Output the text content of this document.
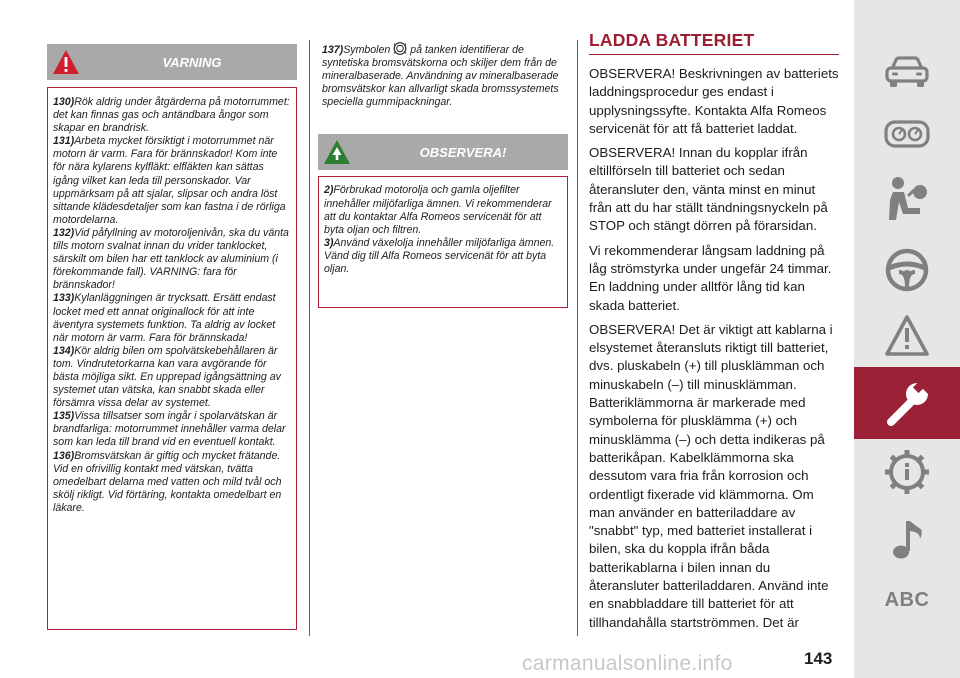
VARNING
130)Rök aldrig under åtgärderna på motorrummet: det kan finnas gas och antändbara ångor som skapar en brandrisk.
131)Arbeta mycket försiktigt i motorrummet när motorn är varm. Fara för brännskador! Kom inte för nära kylarens kylfläkt: elfläkten kan sättas igång vilket kan leda till personskador. Var uppmärksam på att sjalar, slipsar och andra löst sittande klädesdetaljer som kan fastna i de rörliga motordelarna.
132)Vid påfyllning av motoroljenivån, ska du vänta tills motorn svalnat innan du vrider tanklocket, särskilt om bilen har ett tanklock av aluminium (i förekommande fall). VARNING: fara för brännskador!
133)Kylanläggningen är trycksatt. Ersätt endast locket med ett annat originallock för att inte äventyra systemets funktion. Ta aldrig av locket när motorn är varm. Fara för brännskada!
134)Kör aldrig bilen om spolvätskebehållaren är tom. Vindrutetorkarna kan vara avgörande för bästa möjliga sikt. En upprepad igångsättning av systemet utan vätska, kan snabbt skada eller försämra vissa delar av systemet.
135)Vissa tillsatser som ingår i spolarvätskan är brandfarliga: motorrummet innehåller varma delar som kan leda till brand vid en eventuell kontakt.
136)Bromsvätskan är giftig och mycket frätande. Vid en ofrivillig kontakt med vätskan, tvätta omedelbart delarna med vatten och mild tvål och skölj rikligt. Vid förtäring, kontakta omedelbart en läkare.
137)Symbolen på tanken identifierar de syntetiska bromsvätskorna och skiljer dem från de mineralbaserade. Användning av mineralbaserade bromsvätskor kan allvarligt skada bromssystemets speciella gummipackningar.
OBSERVERA!
2)Förbrukad motorolja och gamla oljefilter innehåller miljöfarliga ämnen. Vi rekommenderar att du kontaktar Alfa Romeos servicenät för att byta oljan och filtren.
3)Använd växelolja innehåller miljöfarliga ämnen. Vänd dig till Alfa Romeos servicenät för att byta oljan.
LADDA BATTERIET

OBSERVERA! Beskrivningen av batteriets laddningsprocedur ges endast i upplysningssyfte. Kontakta Alfa Romeos servicenät för att få batteriet laddat.

OBSERVERA! Innan du kopplar ifrån eltillförseln till batteriet och sedan återansluter den, vänta minst en minut från att du har ställt tändningsnyckeln på STOP och stängt dörren på förarsidan.

Vi rekommenderar långsam laddning på låg strömstyrka under ungefär 24 timmar. En laddning under alltför lång tid kan skada batteriet.

OBSERVERA! Det är viktigt att kablarna i elsystemet återansluts riktigt till batteriet, dvs. pluskabeln (+) till plusklämman och minuskabeln (–) till minusklämman. Batteriklämmorna är markerade med symbolerna för plusklämma (+) och minusklämma (–) och detta indikeras på batterikåpan. Kabelklämmorna ska dessutom vara fria från korrosion och ordentligt fixerade vid klämmorna. Om man använder en batteriladdare av "snabbt" typ, med batteriet installerat i bilen, ska du koppla ifrån båda batterikablarna i bilen innan du återansluter batteriladdaren. Använd inte en snabbladdare till batteriet för att tillhandahålla startströmmen. Det är

ABC
carmanualsonline.info	143
